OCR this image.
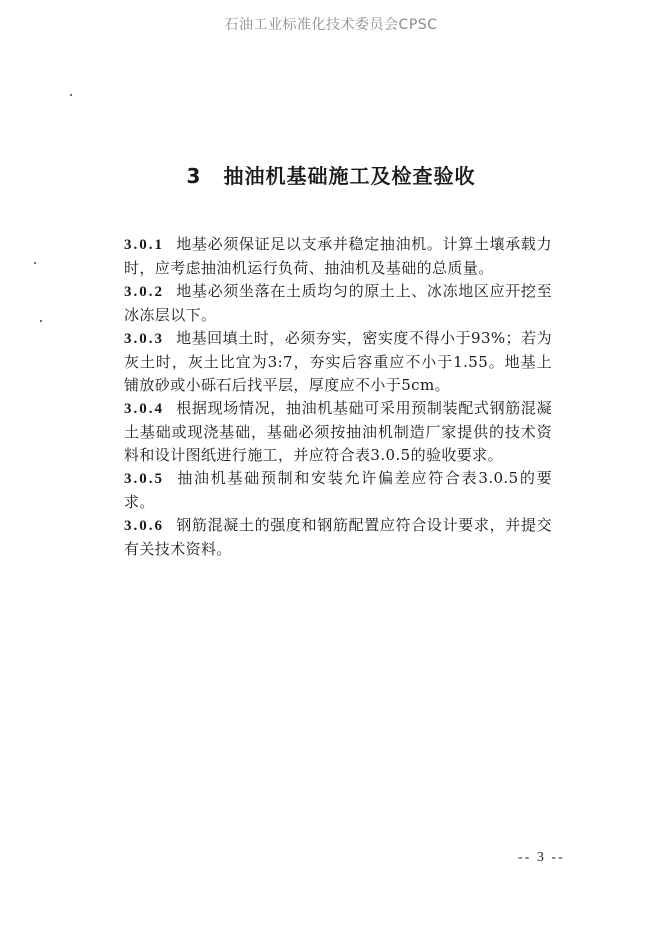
石油工业标准化技术委员会CPSC
3 抽油机基础施工及检查验收
3.0.1 地基必须保证足以支承并稳定抽油机。计算土壤承载力时，应考虑抽油机运行负荷、抽油机及基础的总质量。
3.0.2 地基必须坐落在土质均匀的原土上、冰冻地区应开挖至冰冻层以下。
3.0.3 地基回填土时，必须夯实，密实度不得小于93%；若为灰土时，灰土比宜为3:7，夯实后容重应不小于1.55。地基上铺放砂或小砾石后找平层，厚度应不小于5cm。
3.0.4 根据现场情况，抽油机基础可采用预制装配式钢筋混凝土基础或现浇基础，基础必须按抽油机制造厂家提供的技术资料和设计图纸进行施工，并应符合表3.0.5的验收要求。
3.0.5 抽油机基础预制和安装允许偏差应符合表3.0.5的要求。
3.0.6 钢筋混凝土的强度和钢筋配置应符合设计要求，并提交有关技术资料。
-- 3 --
